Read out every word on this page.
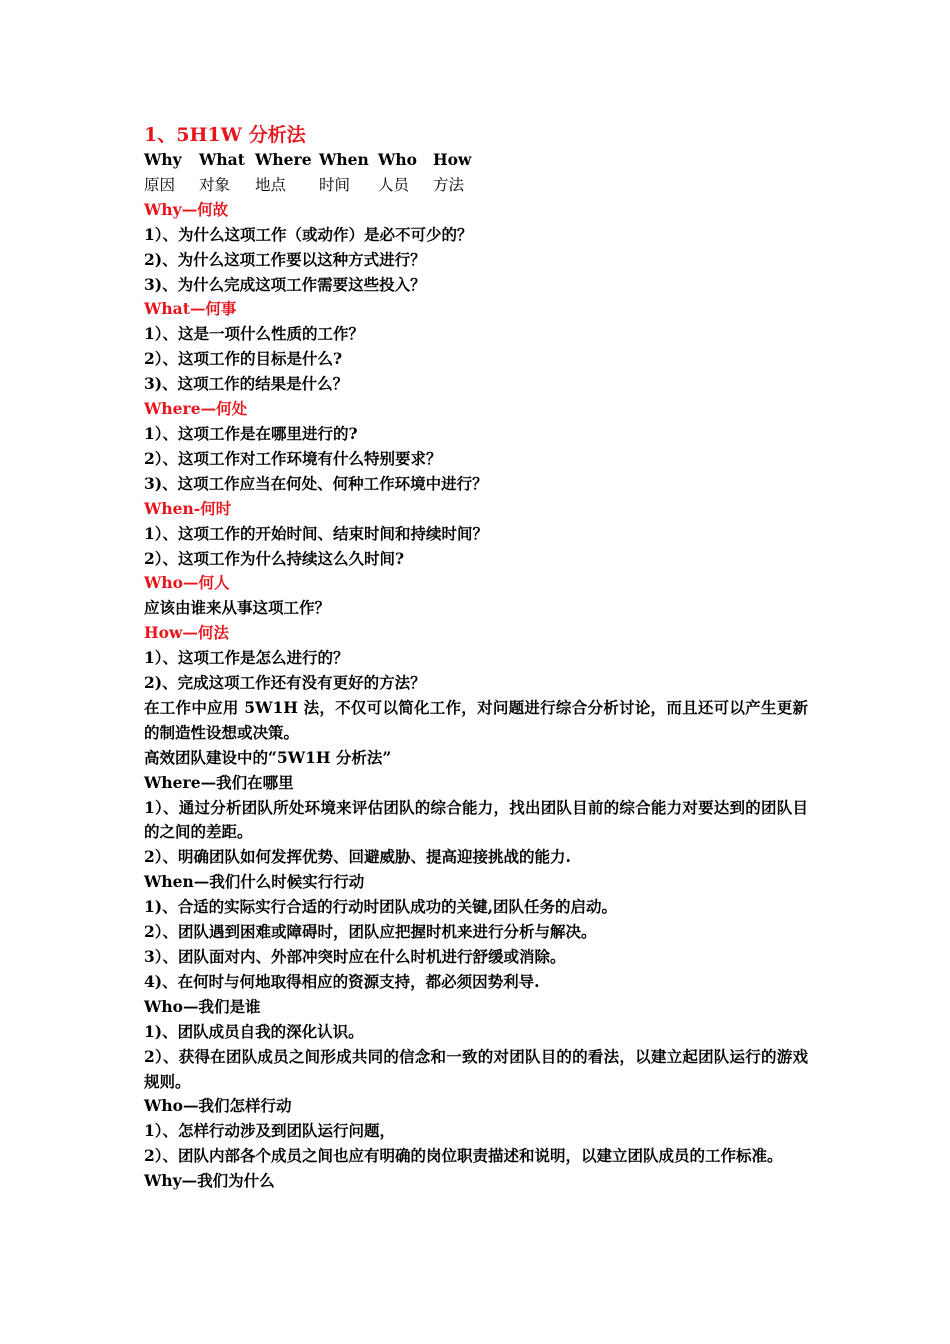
1、5H1W 分析法
Why What Where When Who How
原因 对象 地点 时间 人员 方法
Why—何故
1）、为什么这项工作（或动作）是必不可少的？
2)、为什么这项工作要以这种方式进行？
3)、为什么完成这项工作需要这些投入？
What—何事
1）、这是一项什么性质的工作？
2）、这项工作的目标是什么?
3)、这项工作的结果是什么？
Where—何处
1）、这项工作是在哪里进行的?
2）、这项工作对工作环境有什么特别要求？
3)、这项工作应当在何处、何种工作环境中进行？
When-何时
1）、这项工作的开始时间、结束时间和持续时间？
2）、这项工作为什么持续这么久时间?
Who—何人
应该由谁来从事这项工作？
How—何法
1）、这项工作是怎么进行的？
2)、完成这项工作还有没有更好的方法？
在工作中应用 5W1H 法，不仅可以简化工作，对问题进行综合分析讨论，而且还可以产生更新的制造性设想或决策。
高效团队建设中的“5W1H 分析法”
Where—我们在哪里
1）、通过分析团队所处环境来评估团队的综合能力，找出团队目前的综合能力对要达到的团队目的之间的差距。
2）、明确团队如何发挥优势、回避威胁、提高迎接挑战的能力.
When—我们什么时候实行行动
1)、合适的实际实行合适的行动时团队成功的关键,团队任务的启动。
2）、团队遇到困难或障碍时，团队应把握时机来进行分析与解决。
3）、团队面对内、外部冲突时应在什么时机进行舒缓或消除。
4)、在何时与何地取得相应的资源支持，都必须因势利导.
Who—我们是谁
1)、团队成员自我的深化认识。
2）、获得在团队成员之间形成共同的信念和一致的对团队目的的看法，以建立起团队运行的游戏规则。
Who—我们怎样行动
1）、怎样行动涉及到团队运行问题，
2）、团队内部各个成员之间也应有明确的岗位职责描述和说明，以建立团队成员的工作标准。
Why—我们为什么
